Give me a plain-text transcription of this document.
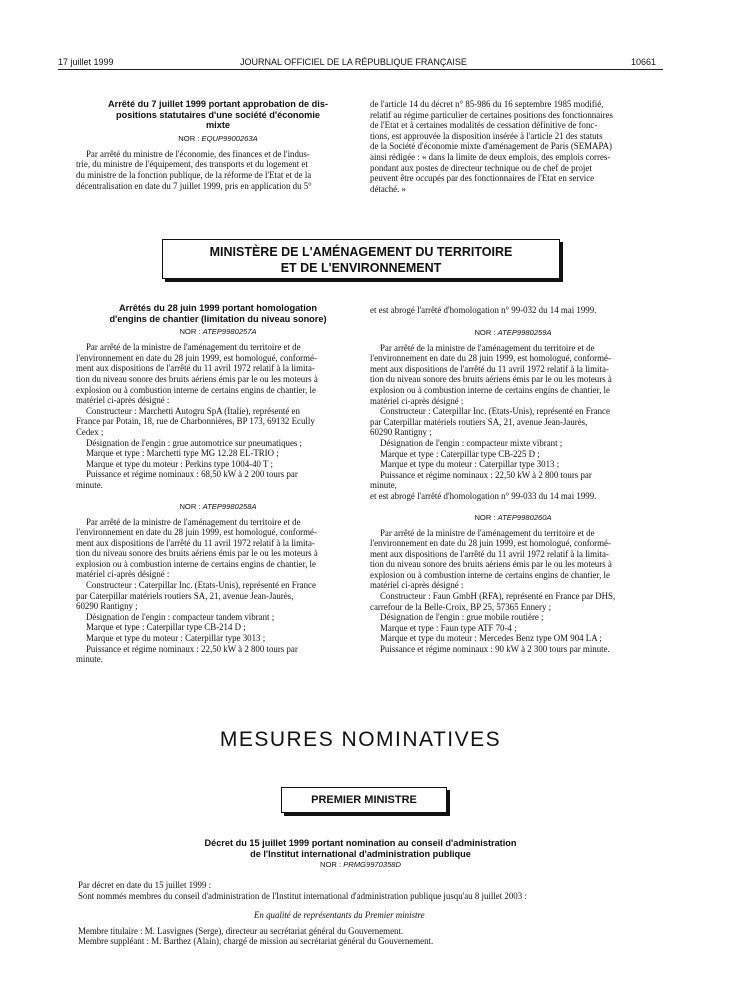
17 juillet 1999	JOURNAL OFFICIEL DE LA RÉPUBLIQUE FRANÇAISE	10661

Arrêté du 7 juillet 1999 portant approbation de dis-

positions statutaires d'une société d'économie

mixte

NOR : EQUP9900263A

Par arrêté du ministre de l'économie, des finances et de l'indus-
trie, du ministre de l'équipement, des transports et du logement et
du ministre de la fonction publique, de la réforme de l'Etat et de la
décentralisation en date du 7 juillet 1999, pris en application du 5°
de l'article 14 du décret n° 85-986 du 16 septembre 1985 modifié,
relatif au régime particulier de certaines positions des fonctionnaires
de l'Etat et à certaines modalités de cessation définitive de fonc-
tions, est approuvée la disposition insérée à l'article 21 des statuts
de la Société d'économie mixte d'aménagement de Paris (SEMAPA)
ainsi rédigée : « dans la limite de deux emplois, des emplois corres-
pondant aux postes de directeur technique ou de chef de projet
peuvent être occupés par des fonctionnaires de l'Etat en service
détaché. »
MINISTÈRE DE L'AMÉNAGEMENT DU TERRITOIRE
ET DE L'ENVIRONNEMENT

Arrêtés du 28 juin 1999 portant homologation

d'engins de chantier (limitation du niveau sonore)

NOR : ATEP9980257A

Par arrêté de la ministre de l'aménagement du territoire et de
l'environnement en date du 28 juin 1999, est homologué, conformé-
ment aux dispositions de l'arrêté du 11 avril 1972 relatif à la limita-
tion du niveau sonore des bruits aériens émis par le ou les moteurs à
explosion ou à combustion interne de certains engins de chantier, le
matériel ci-après désigné :
Constructeur : Marchetti Autogru SpA (Italie), représenté en
France par Potain, 18, rue de Charbonnières, BP 173, 69132 Ecully
Cedex ;
Désignation de l'engin : grue automotrice sur pneumatiques ;
Marque et type : Marchetti type MG 12.28 EL-TRIO ;
Marque et type du moteur : Perkins type 1004-40 T ;
Puissance et régime nominaux : 68,50 kW à 2 200 tours par
minute.

NOR : ATEP9980258A

Par arrêté de la ministre de l'aménagement du territoire et de
l'environnement en date du 28 juin 1999, est homologué, conformé-
ment aux dispositions de l'arrêté du 11 avril 1972 relatif à la limita-
tion du niveau sonore des bruits aériens émis par le ou les moteurs à
explosion ou à combustion interne de certains engins de chantier, le
matériel ci-après désigné :
Constructeur : Caterpillar Inc. (Etats-Unis), représenté en France
par Caterpillar matériels routiers SA, 21, avenue Jean-Jaurès,
60290 Rantigny ;
Désignation de l'engin : compacteur tandem vibrant ;
Marque et type : Caterpillar type CB-214 D ;
Marque et type du moteur : Caterpillar type 3013 ;
Puissance et régime nominaux : 22,50 kW à 2 800 tours par
minute.
et est abrogé l'arrêté d'homologation n° 99-032 du 14 mai 1999.

NOR : ATEP9980259A

Par arrêté de la ministre de l'aménagement du territoire et de
l'environnement en date du 28 juin 1999, est homologué, conformé-
ment aux dispositions de l'arrêté du 11 avril 1972 relatif à la limita-
tion du niveau sonore des bruits aériens émis par le ou les moteurs à
explosion ou à combustion interne de certains engins de chantier, le
matériel ci-après désigné :
Constructeur : Caterpillar Inc. (Etats-Unis), représenté en France
par Caterpillar matériels routiers SA, 21, avenue Jean-Jaurès,
60290 Rantigny ;
Désignation de l'engin : compacteur mixte vibrant ;
Marque et type : Caterpillar type CB-225 D ;
Marque et type du moteur : Caterpillar type 3013 ;
Puissance et régime nominaux : 22,50 kW à 2 800 tours par
minute,
et est abrogé l'arrêté d'homologation n° 99-033 du 14 mai 1999.

NOR : ATEP9980260A

Par arrêté de la ministre de l'aménagement du territoire et de
l'environnement en date du 28 juin 1999, est homologué, conformé-
ment aux dispositions de l'arrêté du 11 avril 1972 relatif à la limita-
tion du niveau sonore des bruits aériens émis par le ou les moteurs à
explosion ou à combustion interne de certains engins de chantier, le
matériel ci-après désigné :
Constructeur : Faun GmbH (RFA), représenté en France par DHS,
carrefour de la Belle-Croix, BP 25, 57365 Ennery ;
Désignation de l'engin : grue mobile routière ;
Marque et type : Faun type ATF 70-4 ;
Marque et type du moteur : Mercedes Benz type OM 904 LA ;
Puissance et régime nominaux : 90 kW à 2 300 tours par minute.
MESURES NOMINATIVES
PREMIER MINISTRE

Décret du 15 juillet 1999 portant nomination au conseil d'administration

de l'Institut international d'administration publique

NOR : PRMG9970358D

Par décret en date du 15 juillet 1999 :
Sont nommés membres du conseil d'administration de l'Institut international d'administration publique jusqu'au 8 juillet 2003 :
En qualité de représentants du Premier ministre
Membre titulaire : M. Lasvignes (Serge), directeur au secrétariat général du Gouvernement.
Membre suppléant : M. Barthez (Alain), chargé de mission au secrétariat général du Gouvernement.
